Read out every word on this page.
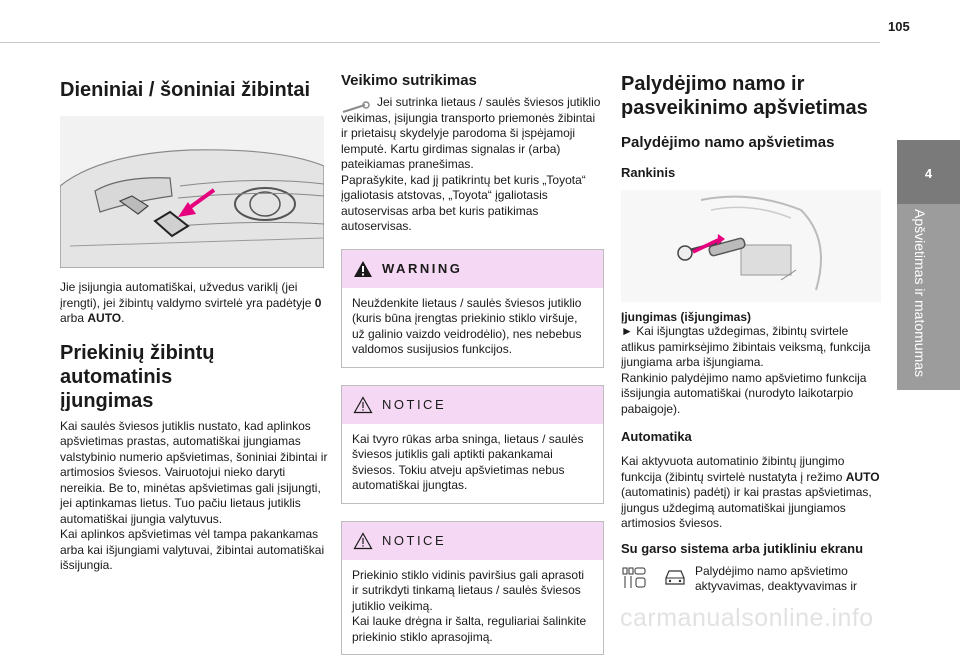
105
4
Apšvietimas ir matomumas
Dieniniai / šoniniai žibintai

Jie įsijungia automatiškai, užvedus variklį (jei įrengti), jei žibintų valdymo svirtelė yra padėtyje 0 arba AUTO.

Priekinių žibintų automatinis
įjungimas

Kai saulės šviesos jutiklis nustato, kad aplinkos apšvietimas prastas, automatiškai įjungiamas valstybinio numerio apšvietimas, šoniniai žibintai ir artimosios šviesos. Vairuotojui nieko daryti nereikia. Be to, minėtas apšvietimas gali įsijungti, jei aptinkamas lietus. Tuo pačiu lietaus jutiklis automatiškai įjungia valytuvus.

Kai aplinkos apšvietimas vėl tampa pakankamas arba kai išjungiami valytuvai, žibintai automatiškai išsijungia.

Veikimo sutrikimas

Jei sutrinka lietaus / saulės šviesos jutiklio veikimas, įsijungia transporto priemonės žibintai ir prietaisų skydelyje parodoma ši įspėjamoji lemputė. Kartu girdimas signalas ir (arba) pateikiamas pranešimas.

Paprašykite, kad jį patikrintų bet kuris „Toyota“ įgaliotasis atstovas, „Toyota“ įgaliotasis autoservisas arba bet kuris patikimas autoservisas.

WARNING

Neuždenkite lietaus / saulės šviesos jutiklio (kuris būna įrengtas priekinio stiklo viršuje, už galinio vaizdo veidrodėlio), nes nebebus valdomos susijusios funkcijos.

NOTICE

Kai tvyro rūkas arba sninga, lietaus / saulės šviesos jutiklis gali aptikti pakankamai šviesos. Tokiu atveju apšvietimas nebus automatiškai įjungtas.

NOTICE

Priekinio stiklo vidinis paviršius gali aprasoti ir sutrikdyti tinkamą lietaus / saulės šviesos jutiklio veikimą.

Kai lauke drėgna ir šalta, reguliariai šalinkite priekinio stiklo aprasojimą.

Palydėjimo namo ir
pasveikinimo apšvietimas
Palydėjimo namo apšvietimas
Rankinis
Įjungimas (išjungimas)

► Kai išjungtas uždegimas, žibintų svirtele atlikus pamirksėjimo žibintais veiksmą, funkcija įjungiama arba išjungiama.

Rankinio palydėjimo namo apšvietimo funkcija išsijungia automatiškai (nurodyto laikotarpio pabaigoje).

Automatika

Kai aktyvuota automatinio žibintų įjungimo funkcija (žibintų svirtelė nustatyta į režimo AUTO (automatinis) padėtį) ir kai prastas apšvietimas, įjungus uždegimą automatiškai įjungiamos artimosios šviesos.

Su garso sistema arba jutikliniu ekranu

Palydėjimo namo apšvietimo aktyvavimas, deaktyvavimas ir

carmanualsonline.info
